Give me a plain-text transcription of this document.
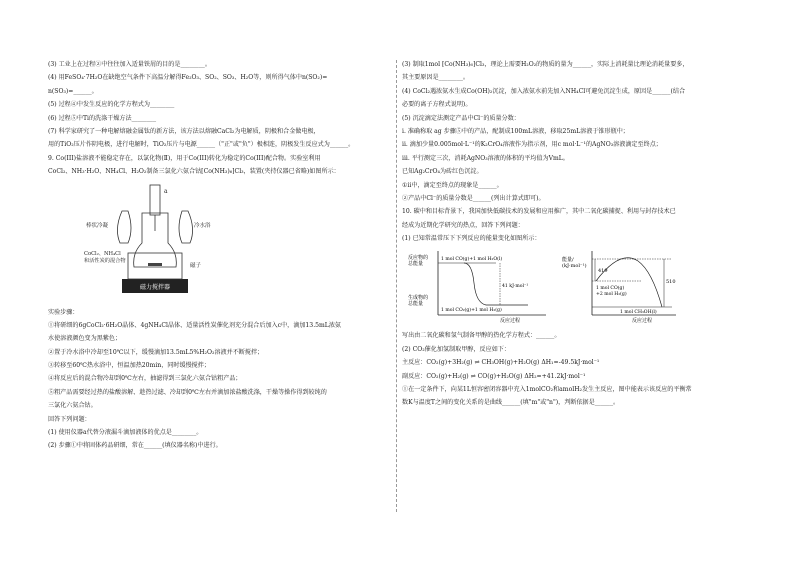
(3) 工业上在过程②中往往加入适量铁屑的目的是________。
(4) 用FeSO₄·7H₂O在缺绝空气条件下高温分解得Fe₂O₃、SO₂、SO₃、H₂O等，则所得气体中n(SO₂)=
n(SO₃)=______。
(5) 过程④中发生反应的化学方程式为________
(6) 过程⑤中Ti的洗涤干燥方法________
(7) 科学家研究了一种电解熔融金属钛的新方法，该方法以熔融CaCl₂为电解质，阴极和合金做电极，
用的TiO₂压片作阴电极，进行电解时，TiO₂压片与电源______（"正"或"负"）极相连，阴极发生反应式为______。
9. Co(III)盐溶液不能稳定存在，以氯化物(Ⅱ)，用于Co(III)转化为稳定的Co(III)配合物。实验室利用
CoCl₂、NH₃·H₂O、NH₄Cl、H₂O₂制备三氯化六氨合钴[Co(NH₃)₆]Cl₃，装置(夹持仪器已省略)如图所示：
磁力搅拌器
a
棒状冷凝	冷水浴
CoCl₂、NH₄Cl
和活性炭的混合物
磁子
实验步骤：
①将研细的6gCoCl₂·6H₂O晶体、4gNH₄Cl晶体、适量活性炭催化剂充分混合后加入c中，滴加13.5mL浓氨
水使溶液颜色变为黑紫色；
②置于冷水浴中冷却至10℃以下，缓慢滴加13.5mL5%H₂O₂溶液并不断搅拌；
③转移至60℃热水浴中，恒温加热20min，同时缓慢搅拌；
④将反应后的混合物冷却到0℃左右，抽滤得到三氯化六氨合钴粗产品；
⑤粗产品需要经过热的盐酸溶解、趁热过滤、冷却到0℃左右并滴加浓盐酸洗涤，干燥等操作得到较纯的
三氯化六氨合钴。
回答下列问题：
(1) 使用仪器a代替分液漏斗滴加液体的优点是________。
(2) 步骤①中将固体药品研细，常在______(填仪器名称)中进行。
(3) 制取1mol [Co(NH₃)₆]Cl₃，理论上需要H₂O₂的物质的量为______，实际上消耗量比理论消耗量要多，
其主要原因是________。
(4) CoCl₂遇浓氨水生成Co(OH)₂沉淀，加入浓氨水前先加入NH₄Cl可避免沉淀生成，原因是______(结合
必要的离子方程式说明)。
(5) 沉淀滴定法测定产品中Cl⁻的质量分数：
i. 准确称取 ag 步骤⑤中的产品，配制成100mL溶液，移取25mL溶液于锥形瓶中；
ii. 滴加少量0.005mol·L⁻¹的K₂CrO₄溶液作为指示剂，用c mol·L⁻¹的AgNO₃溶液滴定至终点；
iii. 平行测定三次，消耗AgNO₃溶液的体积的平均值为VmL。
已知Ag₂CrO₄为砖红色沉淀。
①ii中，滴定至终点的现象是______。
②产品中Cl⁻的质量分数是______(列出计算式即可)。
10. 碳中和目标背景下，我国加快低碳技术的发展和应用推广，其中二氧化碳捕捉、利用与封存技术已
经成为近期化学研究的热点，回答下列问题：
(1) 已知常温常压下下列反应的能量变化如图所示：
反应物的
总能量
生成物的
总能量
1 mol CO(g)+1 mol H₂O(l)
41 kJ·mol⁻¹
1 mol CO₂(g)+1 mol H₂(g)
反应过程
能量/
(kJ·mol⁻¹)
419
510
1 mol CO(g)
+2 mol H₂(g)
1 mol CH₃OH(l)
反应过程
写出由二氧化碳和氢气制备甲醇的热化学方程式：______。
(2) CO₂催化加氢制取甲醇，反应如下：
主反应：CO₂(g)+3H₂(g) ⇌ CH₃OH(g)+H₂O(g) ΔH₁=-49.5kJ·mol⁻¹
副反应：CO₂(g)+H₂(g) ⇌ CO(g)+H₂O(g) ΔH₂=+41.2kJ·mol⁻¹
①在一定条件下，向某1L恒容密闭容器中充入1molCO₂和amolH₂发生主反应，图中能表示该反应的平衡常
数K与温度T之间的变化关系的是曲线______(填"m"或"n")，判断依据是______。
